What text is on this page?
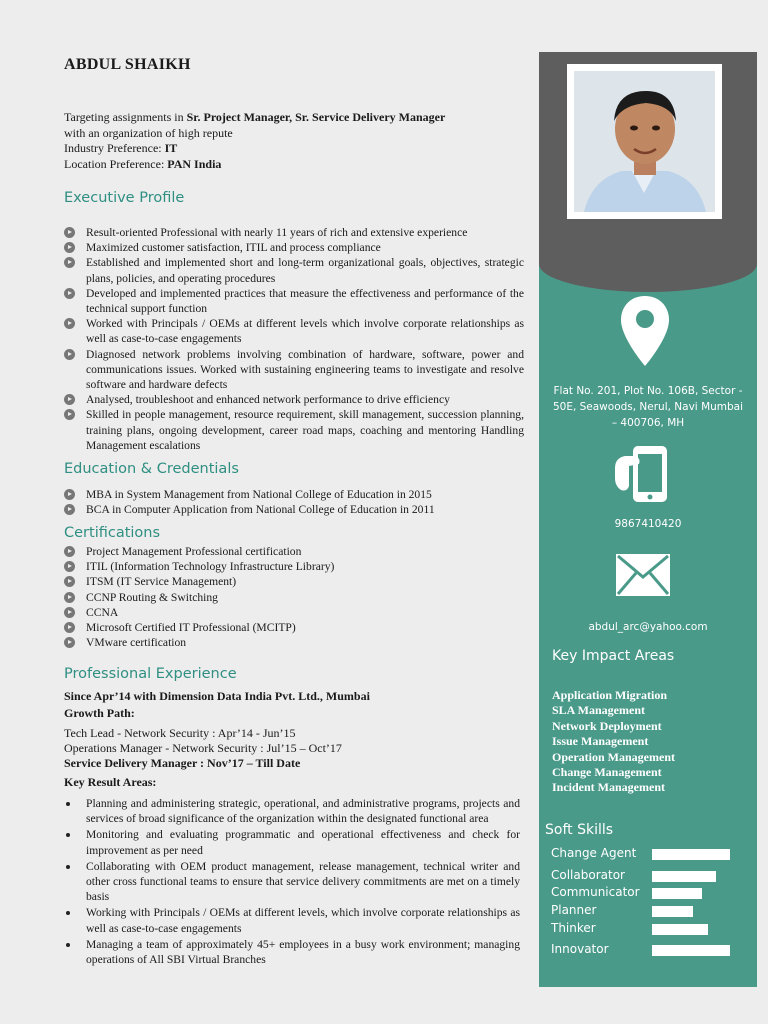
ABDUL SHAIKH
Targeting assignments in Sr. Project Manager, Sr. Service Delivery Manager
with an organization of high repute
Industry Preference: IT
Location Preference: PAN India
Executive Profile
Result-oriented Professional with nearly 11 years of rich and extensive experience
Maximized customer satisfaction, ITIL and process compliance
Established and implemented short and long-term organizational goals, objectives, strategic plans, policies, and operating procedures
Developed and implemented practices that measure the effectiveness and performance of the technical support function
Worked with Principals / OEMs at different levels which involve corporate relationships as well as case-to-case engagements
Diagnosed network problems involving combination of hardware, software, power and communications issues. Worked with sustaining engineering teams to investigate and resolve software and hardware defects
Analysed, troubleshoot and enhanced network performance to drive efficiency
Skilled in people management, resource requirement, skill management, succession planning, training plans, ongoing development, career road maps, coaching and mentoring Handling Management escalations
Education & Credentials
MBA in System Management from National College of Education in 2015
BCA in Computer Application from National College of Education in 2011
Certifications
Project Management Professional certification
ITIL (Information Technology Infrastructure Library)
ITSM (IT Service Management)
CCNP Routing & Switching
CCNA
Microsoft Certified IT Professional (MCITP)
VMware certification
Professional Experience
Since Apr’14 with Dimension Data India Pvt. Ltd., Mumbai
Growth Path:
Tech Lead - Network Security : Apr’14 - Jun’15
Operations Manager - Network Security : Jul’15 – Oct’17
Service Delivery Manager : Nov’17 – Till Date
Key Result Areas:
Planning and administering strategic, operational, and administrative programs, projects and services of broad significance of the organization within the designated functional area
Monitoring and evaluating programmatic and operational effectiveness and check for improvement as per need
Collaborating with OEM product management, release management, technical writer and other cross functional teams to ensure that service delivery commitments are met on a timely basis
Working with Principals / OEMs at different levels, which involve corporate relationships as well as case-to-case engagements
Managing a team of approximately 45+ employees in a busy work environment; managing operations of All SBI Virtual Branches
Flat No. 201, Plot No. 106B, Sector - 50E, Seawoods, Nerul, Navi Mumbai – 400706, MH
9867410420
abdul_arc@yahoo.com
Key Impact Areas
Application Migration
SLA Management
Network Deployment
Issue Management
Operation Management
Change Management
Incident Management
Soft Skills
Change Agent
Collaborator
Communicator
Planner
Thinker
Innovator
